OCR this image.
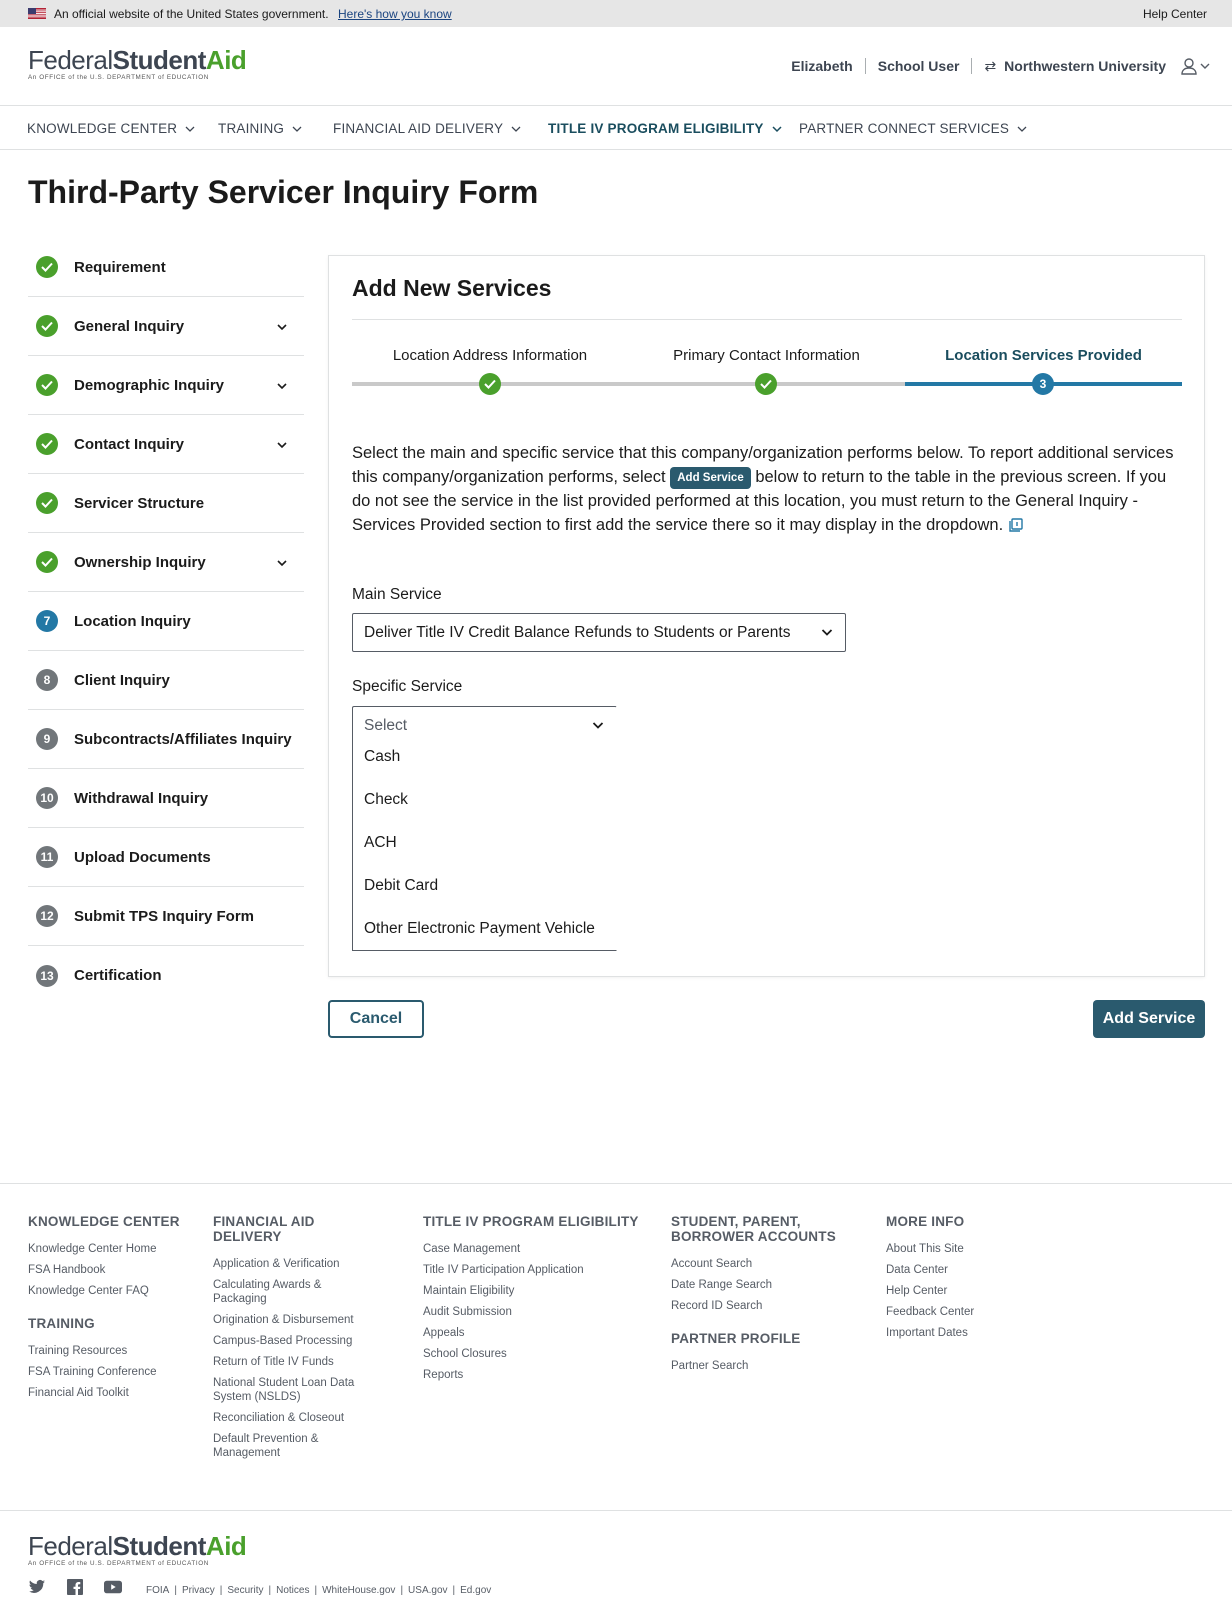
An official website of the United States government. Here's how you know	Help Center
FederalStudentAid
An OFFICE of the U.S. DEPARTMENT of EDUCATION
Elizabeth School User ⇄ Northwestern University
KNOWLEDGE CENTER	TRAINING	FINANCIAL AID DELIVERY	TITLE IV PROGRAM ELIGIBILITY	PARTNER CONNECT SERVICES
Third-Party Servicer Inquiry Form
Requirement
General Inquiry
Demographic Inquiry
Contact Inquiry
Servicer Structure
Ownership Inquiry
7	Location Inquiry
8	Client Inquiry
9	Subcontracts/Affiliates Inquiry
10 Withdrawal Inquiry
11	Upload Documents
12 Submit TPS Inquiry Form
13 Certification
Add New Services
Location Address Information	Primary Contact Information	Location Services Provided
3

Select the main and specific service that this company/organization performs below. To report additional services this company/organization performs, select Add Service below to return to the table in the previous screen. If you do not see the service in the list provided performed at this location, you must return to the General Inquiry - Services Provided section to first add the service there so it may display in the dropdown.

Main Service
Deliver Title IV Credit Balance Refunds to Students or Parents
Specific Service
Select
Cash
Check
ACH
Debit Card
Other Electronic Payment Vehicle
Cancel	Add Service
KNOWLEDGE CENTER
Knowledge Center Home
FSA Handbook
Knowledge Center FAQ
TRAINING
Training Resources
FSA Training Conference
Financial Aid Toolkit
FINANCIAL AID DELIVERY
Application & Verification
Calculating Awards & Packaging
Origination & Disbursement
Campus-Based Processing
Return of Title IV Funds
National Student Loan Data System (NSLDS)
Reconciliation & Closeout
Default Prevention & Management
TITLE IV PROGRAM ELIGIBILITY
Case Management
Title IV Participation Application
Maintain Eligibility
Audit Submission
Appeals
School Closures
Reports
STUDENT, PARENT, BORROWER ACCOUNTS
Account Search
Date Range Search
Record ID Search
PARTNER PROFILE
Partner Search
MORE INFO
About This Site
Data Center
Help Center
Feedback Center
Important Dates
FederalStudentAid
An OFFICE of the U.S. DEPARTMENT of EDUCATION
FOIA | Privacy | Security | Notices | WhiteHouse.gov | USA.gov | Ed.gov
